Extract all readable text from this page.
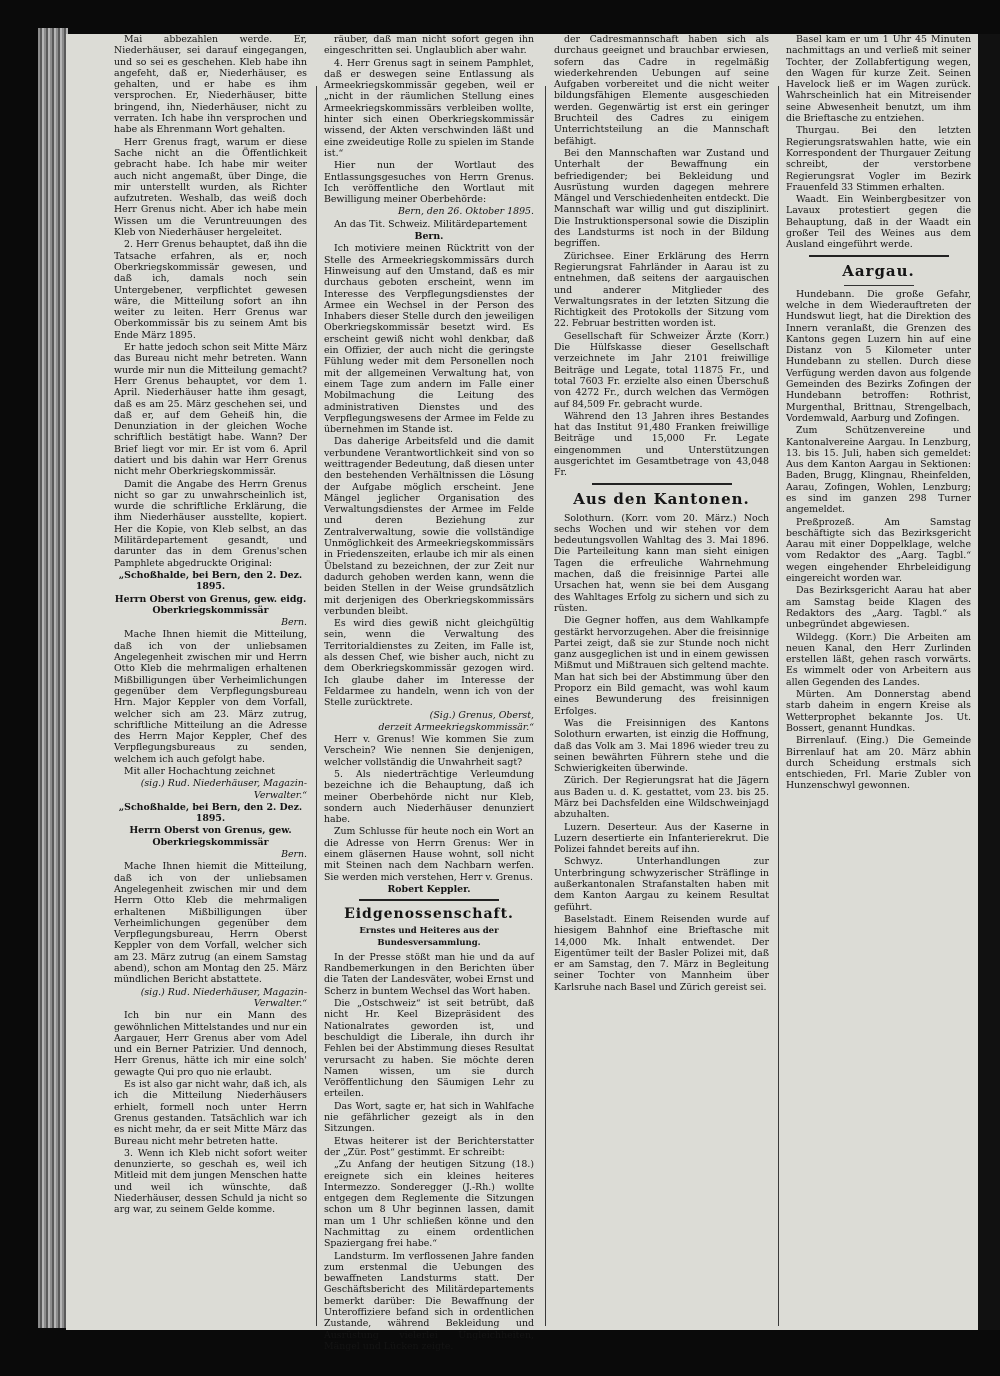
Mai abbezahlen werde. Er, Niederhäuser, sei darauf eingegangen, und so sei es geschehen. Kleb habe ihn angefeht, daß er, Niederhäuser, es gehalten, und er habe es ihm versprochen. Er, Niederhäuser, bitte bringend, ihn, Niederhäuser, nicht zu verraten. Ich habe ihn versprochen und habe als Ehrenmann Wort gehalten.

Herr Grenus fragt, warum er diese Sache nicht an die Öffentlichkeit gebracht habe. Ich habe mir weiter auch nicht angemaßt, über Dinge, die mir unterstellt wurden, als Richter aufzutreten. Weshalb, das weiß doch Herr Grenus nicht. Aber ich habe mein Wissen um die Veruntreuungen des Kleb von Niederhäuser hergeleitet.

2. Herr Grenus behauptet, daß ihn die Tatsache erfahren, als er, noch Oberkriegskommissär gewesen, und daß ich, damals noch sein Untergebener, verpflichtet gewesen wäre, die Mitteilung sofort an ihn weiter zu leiten. Herr Grenus war Oberkommissär bis zu seinem Amt bis Ende März 1895.

Er hatte jedoch schon seit Mitte März das Bureau nicht mehr betreten. Wann wurde mir nun die Mitteilung gemacht? Herr Grenus behauptet, vor dem 1. April. Niederhäuser hatte ihm gesagt, daß es am 25. März geschehen sei, und daß er, auf dem Geheiß hin, die Denunziation in der gleichen Woche schriftlich bestätigt habe. Wann? Der Brief liegt vor mir. Er ist vom 6. April datiert und bis dahin war Herr Grenus nicht mehr Oberkriegskommissär.

Damit die Angabe des Herrn Grenus nicht so gar zu unwahrscheinlich ist, wurde die schriftliche Erklärung, die ihm Niederhäuser ausstellte, kopiert. Her die Kopie, von Kleb selbst, an das Militärdepartement gesandt, und darunter das in dem Grenus'schen Pamphlete abgedruckte Original:

„Schoßhalde, bei Bern, den 2. Dez. 1895.

Herrn Oberst von Grenus, gew. eidg. Oberkriegskommissär

Bern.

Mache Ihnen hiemit die Mitteilung, daß ich von der unliebsamen Angelegenheit zwischen mir und Herrn Otto Kleb die mehrmaligen erhaltenen Mißbilligungen über Verheimlichungen gegenüber dem Verpflegungsbureau Hrn. Major Keppler von dem Vorfall, welcher sich am 23. März zutrug, schriftliche Mitteilung an die Adresse des Herrn Major Keppler, Chef des Verpflegungsbureaus zu senden, welchem ich auch gefolgt habe.

Mit aller Hochachtung zeichnet

(sig.) Rud. Niederhäuser, Magazin-Verwalter.“

„Schoßhalde, bei Bern, den 2. Dez. 1895.

Herrn Oberst von Grenus, gew. Oberkriegskommissär

Bern.

Mache Ihnen hiemit die Mitteilung, daß ich von der unliebsamen Angelegenheit zwischen mir und dem Herrn Otto Kleb die mehrmaligen erhaltenen Mißbilligungen über Verheimlichungen gegenüber dem Verpflegungsbureau, Herrn Oberst Keppler von dem Vorfall, welcher sich am 23. März zutrug (an einem Samstag abend), schon am Montag den 25. März mündlichen Bericht abstattete.

(sig.) Rud. Niederhäuser, Magazin-Verwalter.“

Ich bin nur ein Mann des gewöhnlichen Mittelstandes und nur ein Aargauer, Herr Grenus aber vom Adel und ein Berner Patrizier. Und dennoch, Herr Grenus, hätte ich mir eine solch' gewagte Qui pro quo nie erlaubt.

Es ist also gar nicht wahr, daß ich, als ich die Mitteilung Niederhäusers erhielt, formell noch unter Herrn Grenus gestanden. Tatsächlich war ich es nicht mehr, da er seit Mitte März das Bureau nicht mehr betreten hatte.

3. Wenn ich Kleb nicht sofort weiter denunzierte, so geschah es, weil ich Mitleid mit dem jungen Menschen hatte und weil ich wünschte, daß Niederhäuser, dessen Schuld ja nicht so arg war, zu seinem Gelde komme.

räuber, daß man nicht sofort gegen ihn eingeschritten sei. Unglaublich aber wahr.

4. Herr Grenus sagt in seinem Pamphlet, daß er deswegen seine Entlassung als Armeekriegskommissär gegeben, weil er „nicht in der räumlichen Stellung eines Armeekriegskommissärs verbleiben wollte, hinter sich einen Oberkriegskommissär wissend, der Akten verschwinden läßt und eine zweideutige Rolle zu spielen im Stande ist.“

Hier nun der Wortlaut des Entlassungsgesuches von Herrn Grenus. Ich veröffentliche den Wortlaut mit Bewilligung meiner Oberbehörde:

Bern, den 26. Oktober 1895.

An das Tit. Schweiz. Militärdepartement

Bern.

Ich motiviere meinen Rücktritt von der Stelle des Armeekriegskommissärs durch Hinweisung auf den Umstand, daß es mir durchaus geboten erscheint, wenn im Interesse des Verpflegungsdienstes der Armee ein Wechsel in der Person des Inhabers dieser Stelle durch den jeweiligen Oberkriegskommissär besetzt wird. Es erscheint gewiß nicht wohl denkbar, daß ein Offizier, der auch nicht die geringste Fühlung weder mit dem Personellen noch mit der allgemeinen Verwaltung hat, von einem Tage zum andern im Falle einer Mobilmachung die Leitung des administrativen Dienstes und des Verpflegungswesens der Armee im Felde zu übernehmen im Stande ist.

Das daherige Arbeitsfeld und die damit verbundene Verantwortlichkeit sind von so weittragender Bedeutung, daß diesen unter den bestehenden Verhältnissen die Lösung der Aufgabe möglich erscheint. Jene Mängel jeglicher Organisation des Verwaltungsdienstes der Armee im Felde und deren Beziehung zur Zentralverwaltung, sowie die vollständige Unmöglichkeit des Armeekriegskommissärs in Friedenszeiten, erlaube ich mir als einen Übelstand zu bezeichnen, der zur Zeit nur dadurch gehoben werden kann, wenn die beiden Stellen in der Weise grundsätzlich mit derjenigen des Oberkriegskommissärs verbunden bleibt.

Es wird dies gewiß nicht gleichgültig sein, wenn die Verwaltung des Territorialdienstes zu Zeiten, im Falle ist, als dessen Chef, wie bisher auch, nicht zu dem Oberkriegskommissär gezogen wird. Ich glaube daher im Interesse der Feldarmee zu handeln, wenn ich von der Stelle zurücktrete.

(Sig.) Grenus, Oberst,

derzeit Armeekriegskommissär.“

Herr v. Grenus! Wie kommen Sie zum Verschein? Wie nennen Sie denjenigen, welcher vollständig die Unwahrheit sagt?

5. Als niederträchtige Verleumdung bezeichne ich die Behauptung, daß ich meiner Oberbehörde nicht nur Kleb, sondern auch Niederhäuser denunziert habe.

Zum Schlusse für heute noch ein Wort an die Adresse von Herrn Grenus: Wer in einem gläsernen Hause wohnt, soll nicht mit Steinen nach dem Nachbarn werfen. Sie werden mich verstehen, Herr v. Grenus.

Robert Keppler.

Eidgenossenschaft.

Ernstes und Heiteres aus der Bundesversammlung.

In der Presse stößt man hie und da auf Randbemerkungen in den Berichten über die Taten der Landesväter, wobei Ernst und Scherz in buntem Wechsel das Wort haben.

Die „Ostschweiz“ ist seit betrübt, daß nicht Hr. Keel Bizepräsident des Nationalrates geworden ist, und beschuldigt die Liberale, ihn durch ihr Fehlen bei der Abstimmung dieses Resultat verursacht zu haben. Sie möchte deren Namen wissen, um sie durch Veröffentlichung den Säumigen Lehr zu erteilen.

Das Wort, sagte er, hat sich in Wahlfache nie gefährlicher gezeigt als in den Sitzungen.

Etwas heiterer ist der Berichterstatter der „Zür. Post“ gestimmt. Er schreibt:

„Zu Anfang der heutigen Sitzung (18.) ereignete sich ein kleines heiteres Intermezzo. Sonderegger (J.-Rh.) wollte entgegen dem Reglemente die Sitzungen schon um 8 Uhr beginnen lassen, damit man um 1 Uhr schließen könne und den Nachmittag zu einem ordentlichen Spaziergang frei habe.“

Landsturm. Im verflossenen Jahre fanden zum erstenmal die Uebungen des bewaffneten Landsturms statt. Der Geschäftsbericht des Militärdepartements bemerkt darüber: Die Bewaffnung der Unteroffiziere befand sich in ordentlichen Zustande, während Bekleidung und Ausrüstung vielerlei Ungleichheiten, Mängel und Lücken zeigte.

der Cadresmannschaft haben sich als durchaus geeignet und brauchbar erwiesen, sofern das Cadre in regelmäßig wiederkehrenden Uebungen auf seine Aufgaben vorbereitet und die nicht weiter bildungsfähigen Elemente ausgeschieden werden. Gegenwärtig ist erst ein geringer Bruchteil des Cadres zu einigem Unterrichtsteilung an die Mannschaft befähigt.

Bei den Mannschaften war Zustand und Unterhalt der Bewaffnung ein befriedigender; bei Bekleidung und Ausrüstung wurden dagegen mehrere Mängel und Verschiedenheiten entdeckt. Die Mannschaft war willig und gut disziplinirt. Die Instruktionspersonal sowie die Disziplin des Landsturms ist noch in der Bildung begriffen.

Zürichsee. Einer Erklärung des Herrn Regierungsrat Fahrländer in Aarau ist zu entnehmen, daß seitens der aargauischen und anderer Mitglieder des Verwaltungsrates in der letzten Sitzung die Richtigkeit des Protokolls der Sitzung vom 22. Februar bestritten worden ist.

Gesellschaft für Schweizer Ärzte (Korr.) Die Hülfskasse dieser Gesellschaft verzeichnete im Jahr 2101 freiwillige Beiträge und Legate, total 11875 Fr., und total 7603 Fr. erzielte also einen Überschuß von 4272 Fr., durch welchen das Vermögen auf 84,509 Fr. gebracht wurde.

Während den 13 Jahren ihres Bestandes hat das Institut 91,480 Franken freiwillige Beiträge und 15,000 Fr. Legate eingenommen und Unterstützungen ausgerichtet im Gesamtbetrage von 43,048 Fr.

Aus den Kantonen.

Solothurn. (Korr. vom 20. März.) Noch sechs Wochen und wir stehen vor dem bedeutungsvollen Wahltag des 3. Mai 1896. Die Parteileitung kann man sieht einigen Tagen die erfreuliche Wahrnehmung machen, daß die freisinnige Partei alle Ursachen hat, wenn sie bei dem Ausgang des Wahltages Erfolg zu sichern und sich zu rüsten.

Die Gegner hoffen, aus dem Wahlkampfe gestärkt hervorzugehen. Aber die freisinnige Partei zeigt, daß sie zur Stunde noch nicht ganz ausgeglichen ist und in einem gewissen Mißmut und Mißtrauen sich geltend machte. Man hat sich bei der Abstimmung über den Proporz ein Bild gemacht, was wohl kaum eines Bewunderung des freisinnigen Erfolges.

Was die Freisinnigen des Kantons Solothurn erwarten, ist einzig die Hoffnung, daß das Volk am 3. Mai 1896 wieder treu zu seinen bewährten Führern stehe und die Schwierigkeiten überwinde.

Zürich. Der Regierungsrat hat die Jägern aus Baden u. d. K. gestattet, vom 23. bis 25. März bei Dachsfelden eine Wildschweinjagd abzuhalten.

Luzern. Deserteur. Aus der Kaserne in Luzern desertierte ein Infanterierekrut. Die Polizei fahndet bereits auf ihn.

Schwyz. Unterhandlungen zur Unterbringung schwyzerischer Sträflinge in außerkantonalen Strafanstalten haben mit dem Kanton Aargau zu keinem Resultat geführt.

Baselstadt. Einem Reisenden wurde auf hiesigem Bahnhof eine Brieftasche mit 14,000 Mk. Inhalt entwendet. Der Eigentümer teilt der Basler Polizei mit, daß er am Samstag, den 7. März in Begleitung seiner Tochter von Mannheim über Karlsruhe nach Basel und Zürich gereist sei.

Basel kam er um 1 Uhr 45 Minuten nachmittags an und verließ mit seiner Tochter, der Zollabfertigung wegen, den Wagen für kurze Zeit. Seinen Havelock ließ er im Wagen zurück. Wahrscheinlich hat ein Mitreisender seine Abwesenheit benutzt, um ihm die Brieftasche zu entziehen.

Thurgau. Bei den letzten Regierungsratswahlen hatte, wie ein Korrespondent der Thurgauer Zeitung schreibt, der verstorbene Regierungsrat Vogler im Bezirk Frauenfeld 33 Stimmen erhalten.

Waadt. Ein Weinbergbesitzer von Lavaux protestiert gegen die Behauptung, daß in der Waadt ein großer Teil des Weines aus dem Ausland eingeführt werde.

Aargau.

Hundebann. Die große Gefahr, welche in dem Wiederauftreten der Hundswut liegt, hat die Direktion des Innern veranlaßt, die Grenzen des Kantons gegen Luzern hin auf eine Distanz von 5 Kilometer unter Hundebann zu stellen. Durch diese Verfügung werden davon aus folgende Gemeinden des Bezirks Zofingen der Hundebann betroffen: Rothrist, Murgenthal, Brittnau, Strengelbach, Vordemwald, Aarburg und Zofingen.

Zum Schützenvereine und Kantonalvereine Aargau. In Lenzburg, 13. bis 15. Juli, haben sich gemeldet: Aus dem Kanton Aargau in Sektionen: Baden, Brugg, Klingnau, Rheinfelden, Aarau, Zofingen, Wohlen, Lenzburg; es sind im ganzen 298 Turner angemeldet.

Preßprozeß. Am Samstag beschäftigte sich das Bezirksgericht Aarau mit einer Doppelklage, welche vom Redaktor des „Aarg. Tagbl.“ wegen eingehender Ehrbeleidigung eingereicht worden war.

Das Bezirksgericht Aarau hat aber am Samstag beide Klagen des Redaktors des „Aarg. Tagbl.“ als unbegründet abgewiesen.

Wildegg. (Korr.) Die Arbeiten am neuen Kanal, den Herr Zurlinden erstellen läßt, gehen rasch vorwärts. Es wimmelt oder von Arbeitern aus allen Gegenden des Landes.

Mürten. Am Donnerstag abend starb daheim in engern Kreise als Wetterprophet bekannte Jos. Ut. Bossert, genannt Hundkas.

Birrenlauf. (Eing.) Die Gemeinde Birrenlauf hat am 20. März abhin durch Scheidung erstmals sich entschieden, Frl. Marie Zubler von Hunzenschwyl gewonnen.
